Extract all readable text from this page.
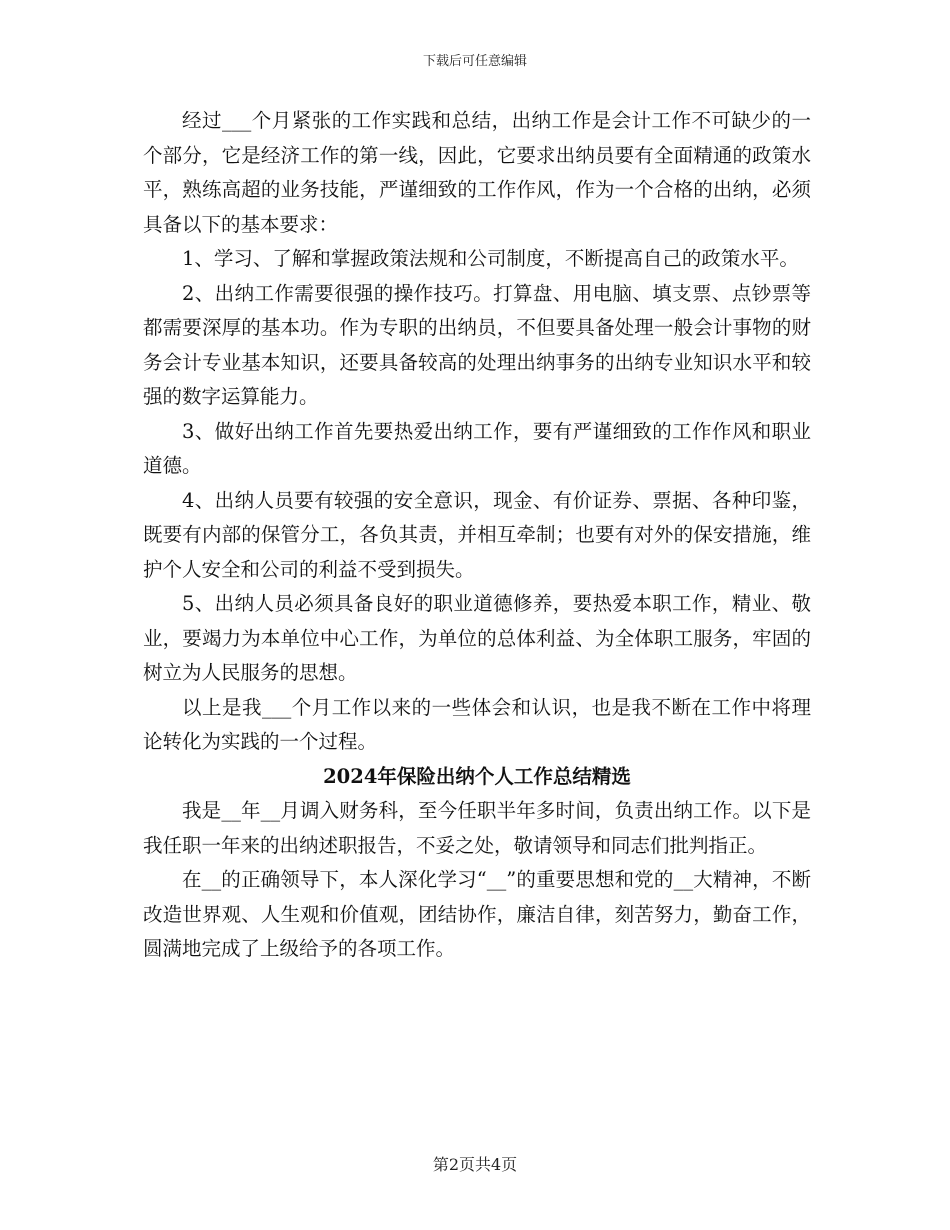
下载后可任意编辑

经过___个月紧张的工作实践和总结，出纳工作是会计工作不可缺少的一个部分，它是经济工作的第一线，因此，它要求出纳员要有全面精通的政策水平，熟练高超的业务技能，严谨细致的工作作风，作为一个合格的出纳，必须具备以下的基本要求：

1、学习、了解和掌握政策法规和公司制度，不断提高自己的政策水平。

2、出纳工作需要很强的操作技巧。打算盘、用电脑、填支票、点钞票等都需要深厚的基本功。作为专职的出纳员，不但要具备处理一般会计事物的财务会计专业基本知识，还要具备较高的处理出纳事务的出纳专业知识水平和较强的数字运算能力。

3、做好出纳工作首先要热爱出纳工作，要有严谨细致的工作作风和职业道德。

4、出纳人员要有较强的安全意识，现金、有价证券、票据、各种印鉴，既要有内部的保管分工，各负其责，并相互牵制；也要有对外的保安措施，维护个人安全和公司的利益不受到损失。

5、出纳人员必须具备良好的职业道德修养，要热爱本职工作，精业、敬业，要竭力为本单位中心工作，为单位的总体利益、为全体职工服务，牢固的树立为人民服务的思想。

以上是我___个月工作以来的一些体会和认识，也是我不断在工作中将理论转化为实践的一个过程。

2024年保险出纳个人工作总结精选

我是__年__月调入财务科，至今任职半年多时间，负责出纳工作。以下是我任职一年来的出纳述职报告，不妥之处，敬请领导和同志们批判指正。

在__的正确领导下，本人深化学习“__”的重要思想和党的__大精神，不断改造世界观、人生观和价值观，团结协作，廉洁自律，刻苦努力，勤奋工作，圆满地完成了上级给予的各项工作。

第2页共4页
